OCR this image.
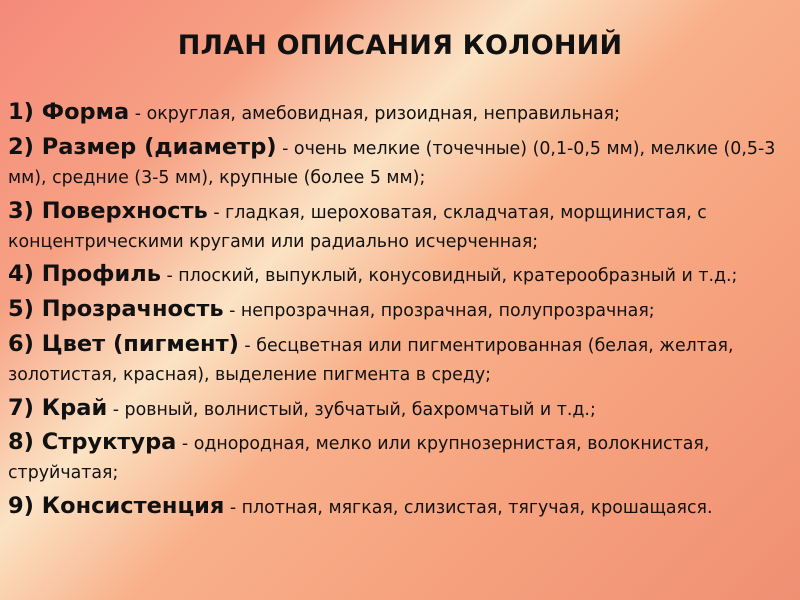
ПЛАН ОПИСАНИЯ КОЛОНИЙ
1) Форма - округлая, амебовидная, ризоидная, неправильная;
2) Размер (диаметр) - очень мелкие (точечные) (0,1-0,5 мм), мелкие (0,5-3 мм), средние (3-5 мм), крупные (более 5 мм);
3) Поверхность - гладкая, шероховатая, складчатая, морщинистая, с концентрическими кругами или радиально исчерченная;
4) Профиль - плоский, выпуклый, конусовидный, кратерообразный и т.д.;
5) Прозрачность - непрозрачная, прозрачная, полупрозрачная;
6) Цвет (пигмент) - бесцветная или пигментированная (белая, желтая, золотистая, красная), выделение пигмента в среду;
7) Край - ровный, волнистый, зубчатый, бахромчатый и т.д.;
8) Структура - однородная, мелко или крупнозернистая, волокнистая, струйчатая;
9) Консистенция - плотная, мягкая, слизистая, тягучая, крошащаяся.
